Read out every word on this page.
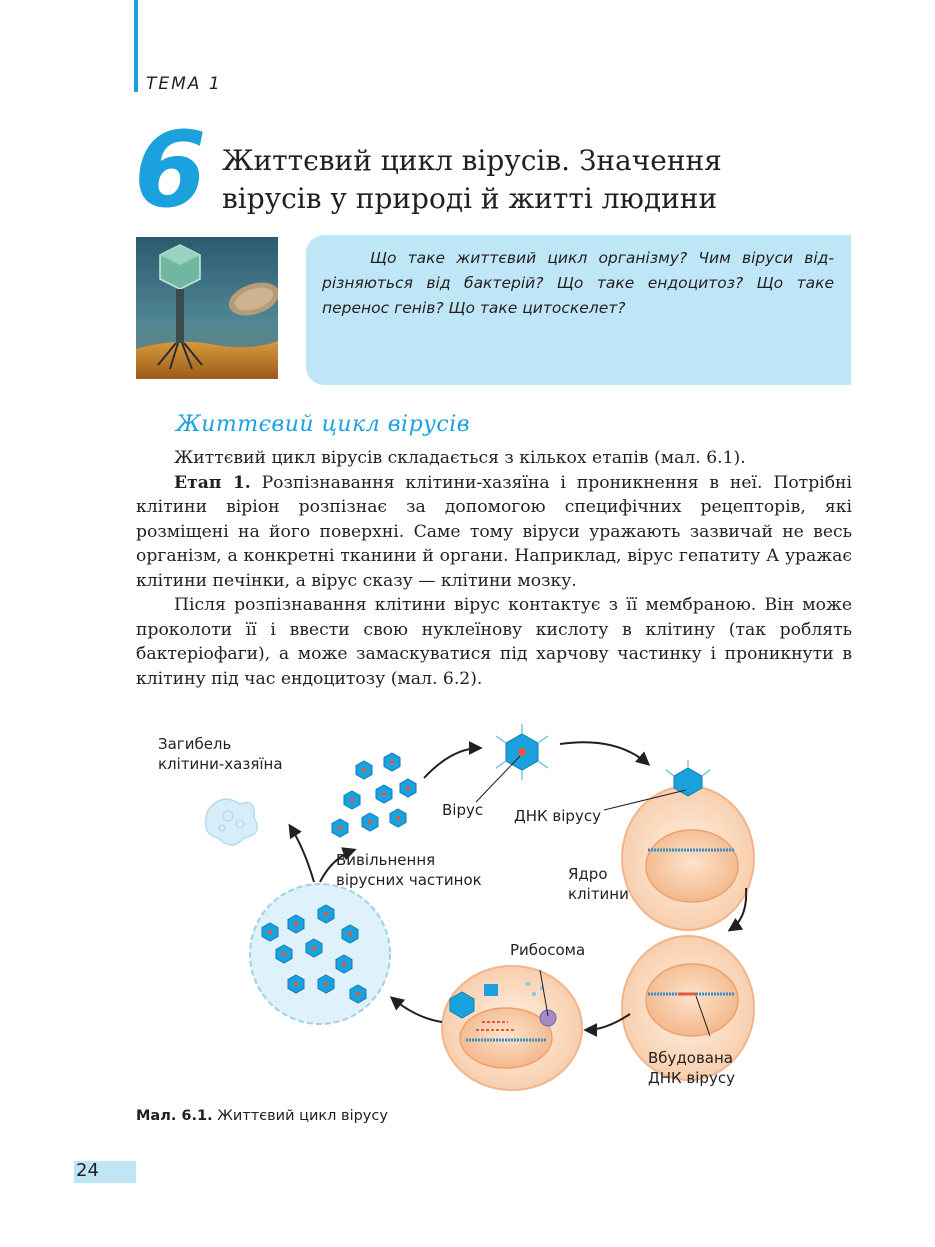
ТЕМА 1
6 Життєвий цикл вірусів. Значення
вірусів у природі й житті людини
Що таке життєвий цикл організму? Чим віруси відрізняються від бактерій? Що таке ендоцитоз? Що таке перенос генів? Що таке цитоскелет?
Життєвий цикл вірусів

Життєвий цикл вірусів складається з кількох етапів (мал. 6.1).

Етап 1. Розпізнавання клітини-хазяїна і проникнення в неї. Потрібні клітини віріон розпізнає за допомогою специфічних рецепторів, які розміщені на його поверхні. Саме тому віруси уражають зазвичай не весь організм, а конкретні тканини й органи. Наприклад, вірус гепатиту А уражає клітини печінки, а вірус сказу — клітини мозку.

Після розпізнавання клітини вірус контактує з її мембраною. Він може проколоти її і ввести свою нуклеїнову кислоту в клітину (так роблять бактеріофаги), а може замаскуватися під харчову частинку і проникнути в клітину під час ендоцитозу (мал. 6.2).

Загибель
клітини-хазяїна
Вірус ДНК вірусу
Вивільнення
вірусних частинок	Ядро
клітини
Рибосома
Вбудована
ДНК вірусу
Мал. 6.1. Життєвий цикл вірусу
24
